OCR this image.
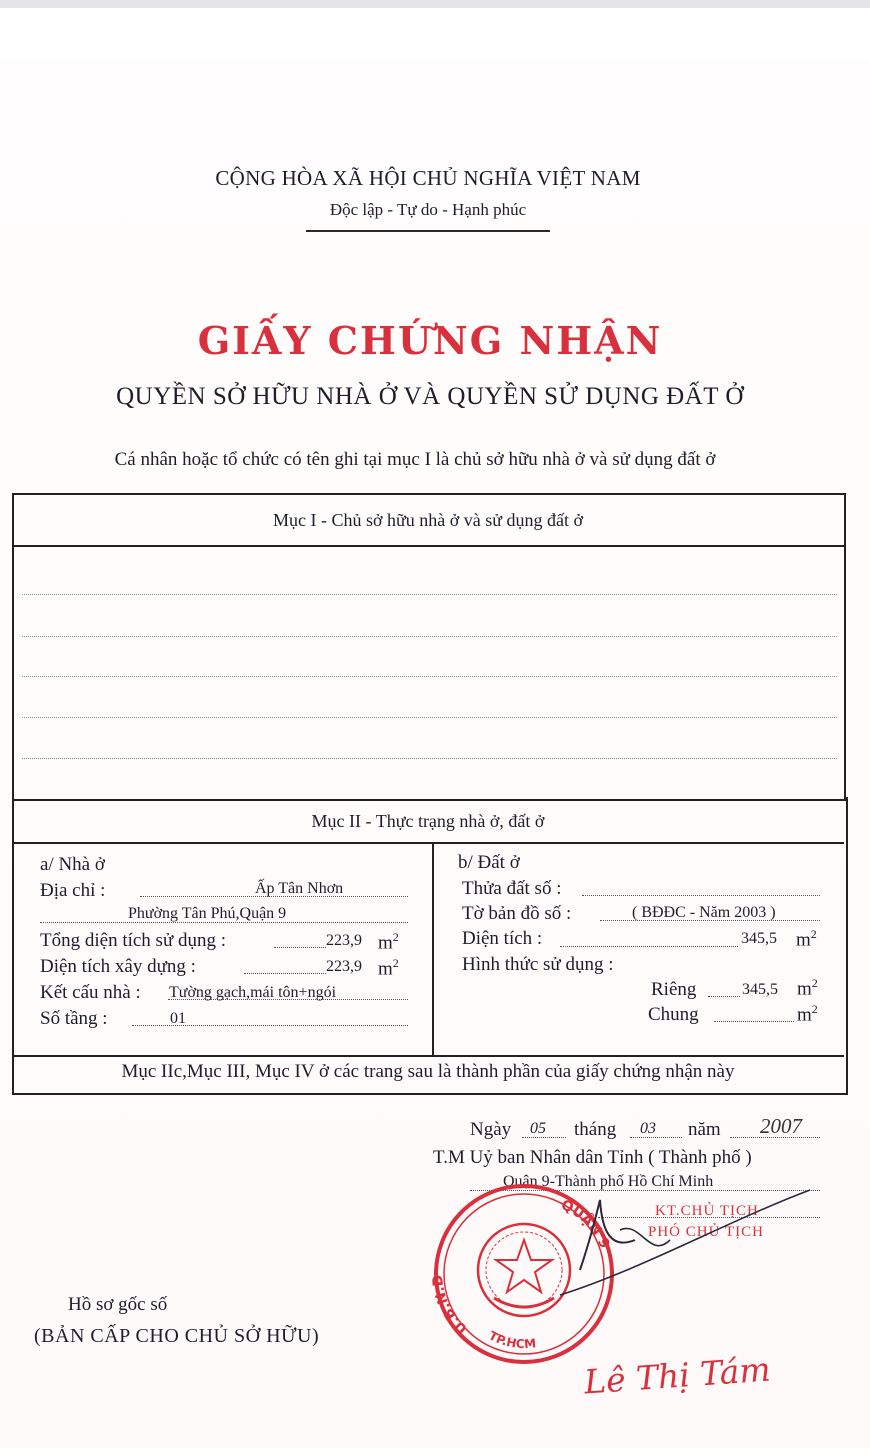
CỘNG HÒA XÃ HỘI CHỦ NGHĨA VIỆT NAM
Độc lập - Tự do - Hạnh phúc
GIẤY CHỨNG NHẬN
QUYỀN SỞ HỮU NHÀ Ở VÀ QUYỀN SỬ DỤNG ĐẤT Ở
Cá nhân hoặc tổ chức có tên ghi tại mục I là chủ sở hữu nhà ở và sử dụng đất ở
Mục I - Chủ sở hữu nhà ở và sử dụng đất ở
Mục II - Thực trạng nhà ở, đất ở
a/ Nhà ở
Địa chỉ :	Ấp Tân Nhơn
Phường Tân Phú,Quận 9
Tổng diện tích sử dụng :	223,9 $m^2$
Diện tích xây dựng :	223,9 $m^2$
Kết cấu nhà : Tường gạch,mái tôn+ngói
Số tầng :	01
b/ Đất ở
Thửa đất số :
Tờ bản đồ số :	( BĐĐC - Năm 2003 )
Diện tích :	345,5 $m^2$
Hình thức sử dụng :
Riêng	345,5 $m^2$
Chung	$m^2$
Mục IIc,Mục III, Mục IV ở các trang sau là thành phần của giấy chứng nhận này
Ngày 05 tháng 03 năm 2007
T.M Uỷ ban Nhân dân Tỉnh ( Thành phố )
Quận 9-Thành phố Hồ Chí Minh
KT.CHỦ TỊCH
PHÓ CHỦ TỊCH
U.B.N.D
QUẬN 9
TP.HCM
Hồ sơ gốc số
(BẢN CẤP CHO CHỦ SỞ HỮU)
Lê Thị Tám
